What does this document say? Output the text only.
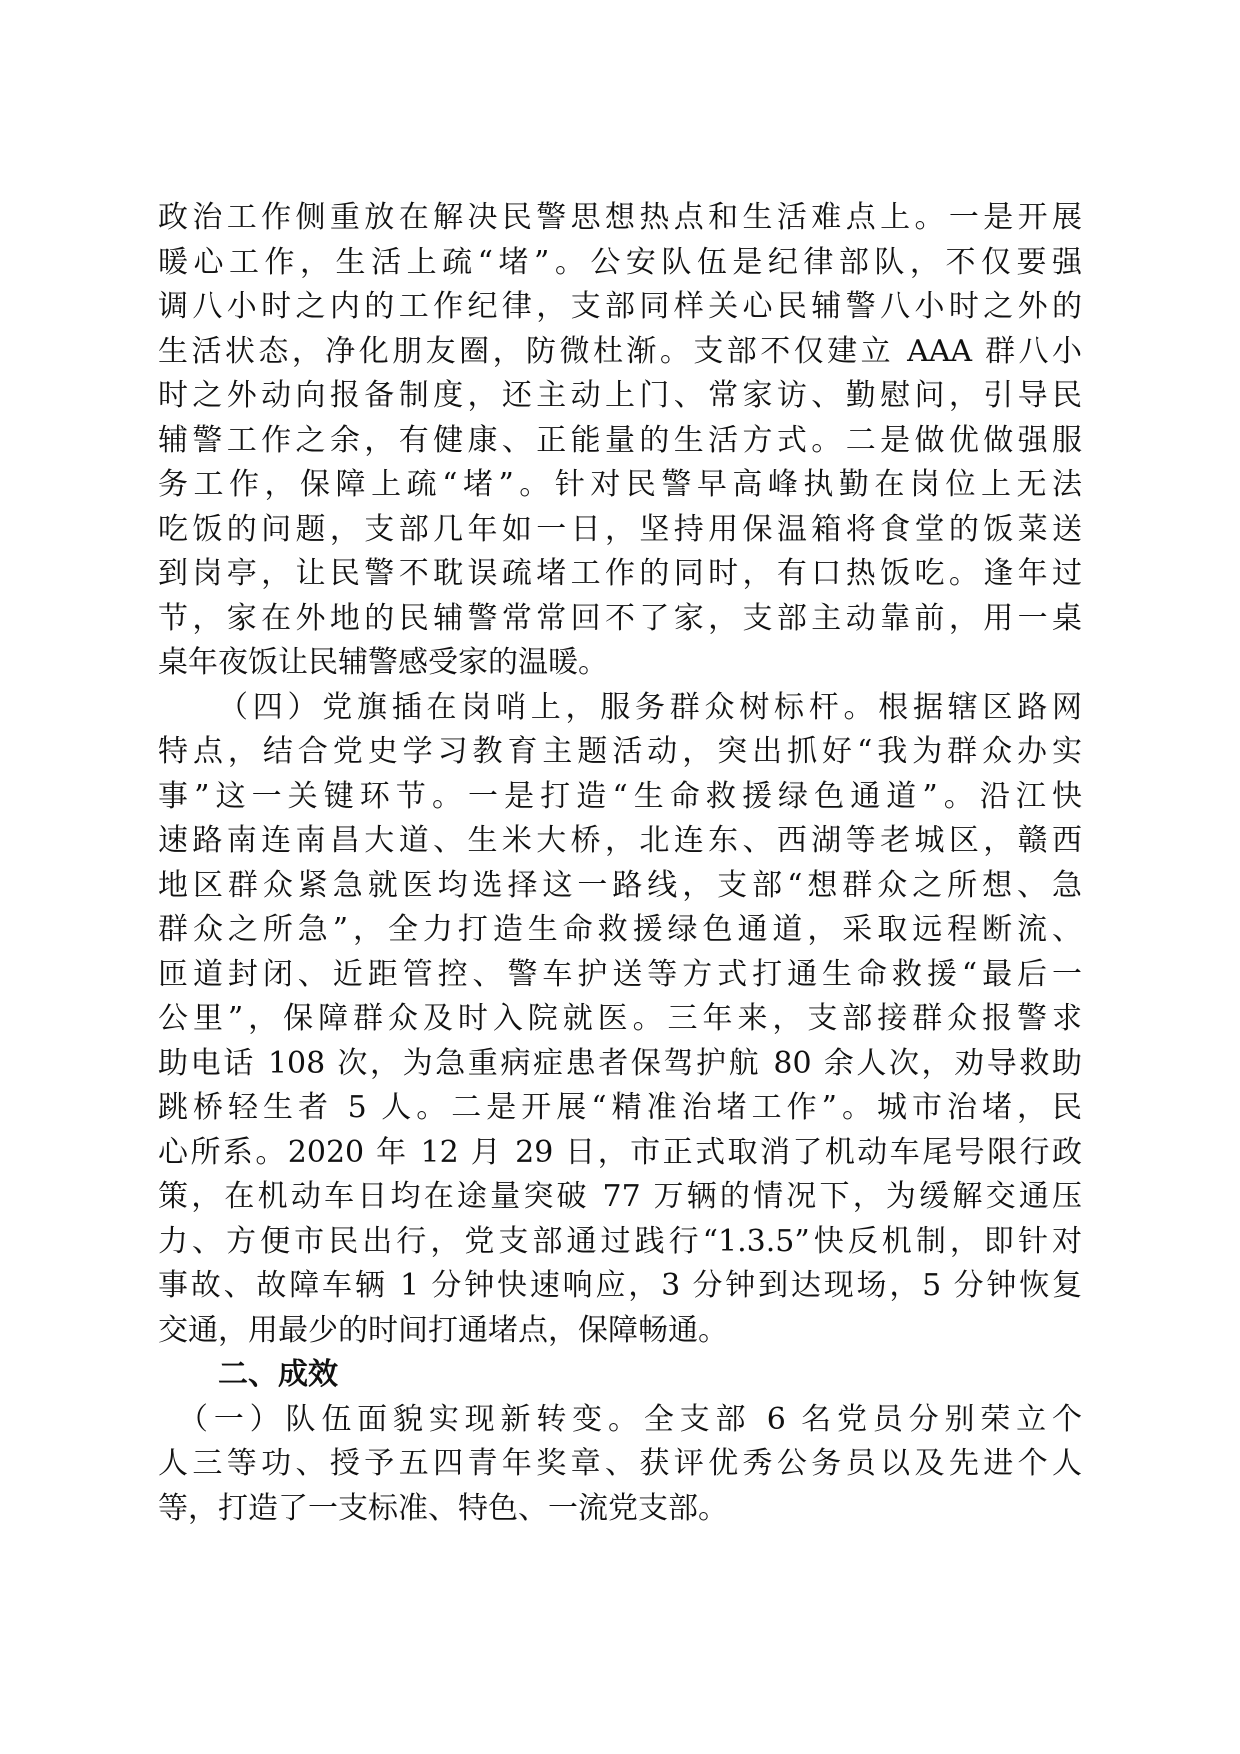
政治工作侧重放在解决民警思想热点和生活难点上。一是开展
暖心工作，生活上疏“堵”。公安队伍是纪律部队，不仅要强
调八小时之内的工作纪律，支部同样关心民辅警八小时之外的
生活状态，净化朋友圈，防微杜渐。支部不仅建立 AAA 群八小
时之外动向报备制度，还主动上门、常家访、勤慰问，引导民
辅警工作之余，有健康、正能量的生活方式。二是做优做强服
务工作，保障上疏“堵”。针对民警早高峰执勤在岗位上无法
吃饭的问题，支部几年如一日，坚持用保温箱将食堂的饭菜送
到岗亭，让民警不耽误疏堵工作的同时，有口热饭吃。逢年过
节，家在外地的民辅警常常回不了家，支部主动靠前，用一桌
桌年夜饭让民辅警感受家的温暖。
（四）党旗插在岗哨上，服务群众树标杆。根据辖区路网
特点，结合党史学习教育主题活动，突出抓好“我为群众办实
事”这一关键环节。一是打造“生命救援绿色通道”。沿江快
速路南连南昌大道、生米大桥，北连东、西湖等老城区，赣西
地区群众紧急就医均选择这一路线，支部“想群众之所想、急
群众之所急”，全力打造生命救援绿色通道，采取远程断流、
匝道封闭、近距管控、警车护送等方式打通生命救援“最后一
公里”，保障群众及时入院就医。三年来，支部接群众报警求
助电话 108 次，为急重病症患者保驾护航 80 余人次，劝导救助
跳桥轻生者 5 人。二是开展“精准治堵工作”。城市治堵，民
心所系。2020 年 12 月 29 日，市正式取消了机动车尾号限行政
策，在机动车日均在途量突破 77 万辆的情况下，为缓解交通压
力、方便市民出行，党支部通过践行“1.3.5”快反机制，即针对
事故、故障车辆 1 分钟快速响应，3 分钟到达现场，5 分钟恢复
交通，用最少的时间打通堵点，保障畅通。
二、成效
（一）队伍面貌实现新转变。全支部 6 名党员分别荣立个
人三等功、授予五四青年奖章、获评优秀公务员以及先进个人
等，打造了一支标准、特色、一流党支部。
